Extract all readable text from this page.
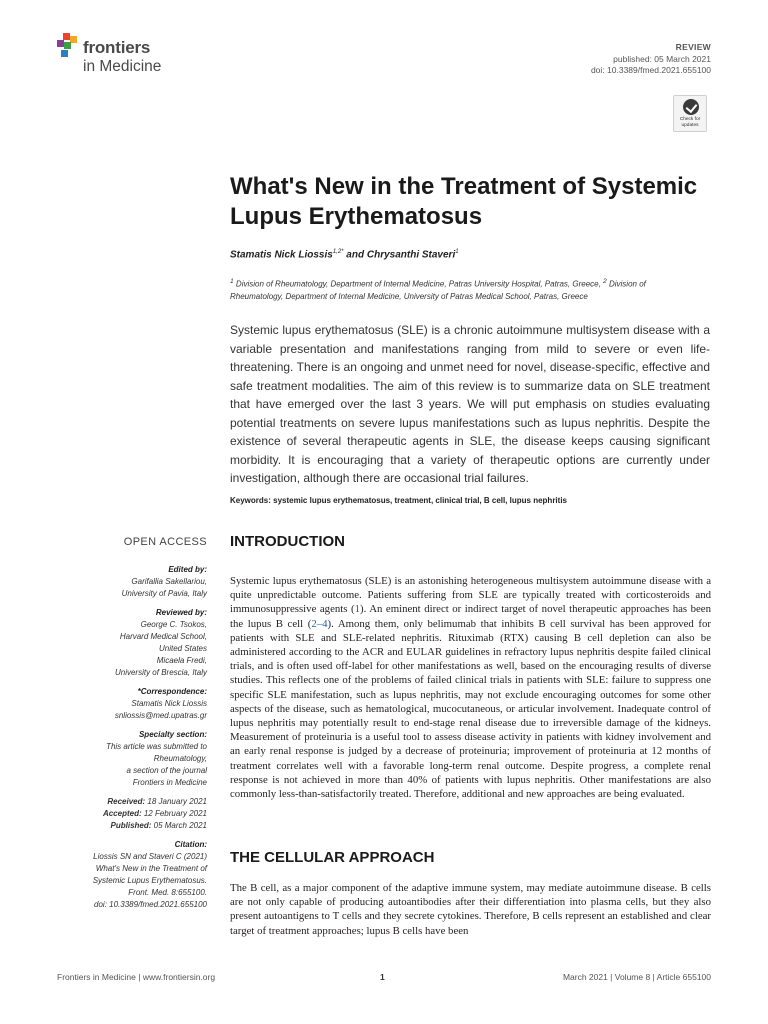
frontiers
in Medicine
REVIEW
published: 05 March 2021
doi: 10.3389/fmed.2021.655100
Check for updates
What's New in the Treatment of Systemic Lupus Erythematosus
Stamatis Nick Liossis$^{1,2*}$ and Chrysanthi Staveri$^1$
$^1$ Division of Rheumatology, Department of Internal Medicine, Patras University Hospital, Patras, Greece, $^2$ Division of Rheumatology, Department of Internal Medicine, University of Patras Medical School, Patras, Greece
Systemic lupus erythematosus (SLE) is a chronic autoimmune multisystem disease with a variable presentation and manifestations ranging from mild to severe or even life-threatening. There is an ongoing and unmet need for novel, disease-specific, effective and safe treatment modalities. The aim of this review is to summarize data on SLE treatment that have emerged over the last 3 years. We will put emphasis on studies evaluating potential treatments on severe lupus manifestations such as lupus nephritis. Despite the existence of several therapeutic agents in SLE, the disease keeps causing significant morbidity. It is encouraging that a variety of therapeutic options are currently under investigation, although there are occasional trial failures.
Keywords: systemic lupus erythematosus, treatment, clinical trial, B cell, lupus nephritis
OPEN ACCESS
Edited by:
Garifallia Sakellariou,
University of Pavia, Italy
Reviewed by:
George C. Tsokos,
Harvard Medical School,
United States
Micaela Fredi,
University of Brescia, Italy
*Correspondence:
Stamatis Nick Liossis
snliossis@med.upatras.gr
Specialty section:
This article was submitted to
Rheumatology,
a section of the journal
Frontiers in Medicine
Received: 18 January 2021
Accepted: 12 February 2021
Published: 05 March 2021
Citation:
Liossis SN and Staveri C (2021)
What's New in the Treatment of
Systemic Lupus Erythematosus.
Front. Med. 8:655100.
doi: 10.3389/fmed.2021.655100
INTRODUCTION
Systemic lupus erythematosus (SLE) is an astonishing heterogeneous multisystem autoimmune disease with a quite unpredictable outcome. Patients suffering from SLE are typically treated with corticosteroids and immunosuppressive agents (1). An eminent direct or indirect target of novel therapeutic approaches has been the lupus B cell (2–4). Among them, only belimumab that inhibits B cell survival has been approved for patients with SLE and SLE-related nephritis. Rituximab (RTX) causing B cell depletion can also be administered according to the ACR and EULAR guidelines in refractory lupus nephritis despite failed clinical trials, and is often used off-label for other manifestations as well, based on the encouraging results of diverse studies. This reflects one of the problems of failed clinical trials in patients with SLE: failure to suppress one specific SLE manifestation, such as lupus nephritis, may not exclude encouraging outcomes for some other aspects of the disease, such as hematological, mucocutaneous, or articular involvement. Inadequate control of lupus nephritis may potentially result to end-stage renal disease due to irreversible damage of the kidneys. Measurement of proteinuria is a useful tool to assess disease activity in patients with kidney involvement and an early renal response is judged by a decrease of proteinuria; improvement of proteinuria at 12 months of treatment correlates well with a favorable long-term renal outcome. Despite progress, a complete renal response is not achieved in more than 40% of patients with lupus nephritis. Other manifestations are also commonly less-than-satisfactorily treated. Therefore, additional and new approaches are being evaluated.
THE CELLULAR APPROACH
The B cell, as a major component of the adaptive immune system, may mediate autoimmune disease. B cells are not only capable of producing autoantibodies after their differentiation into plasma cells, but they also present autoantigens to T cells and they secrete cytokines. Therefore, B cells represent an established and clear target of treatment approaches; lupus B cells have been
Frontiers in Medicine | www.frontiersin.org	1	March 2021 | Volume 8 | Article 655100
